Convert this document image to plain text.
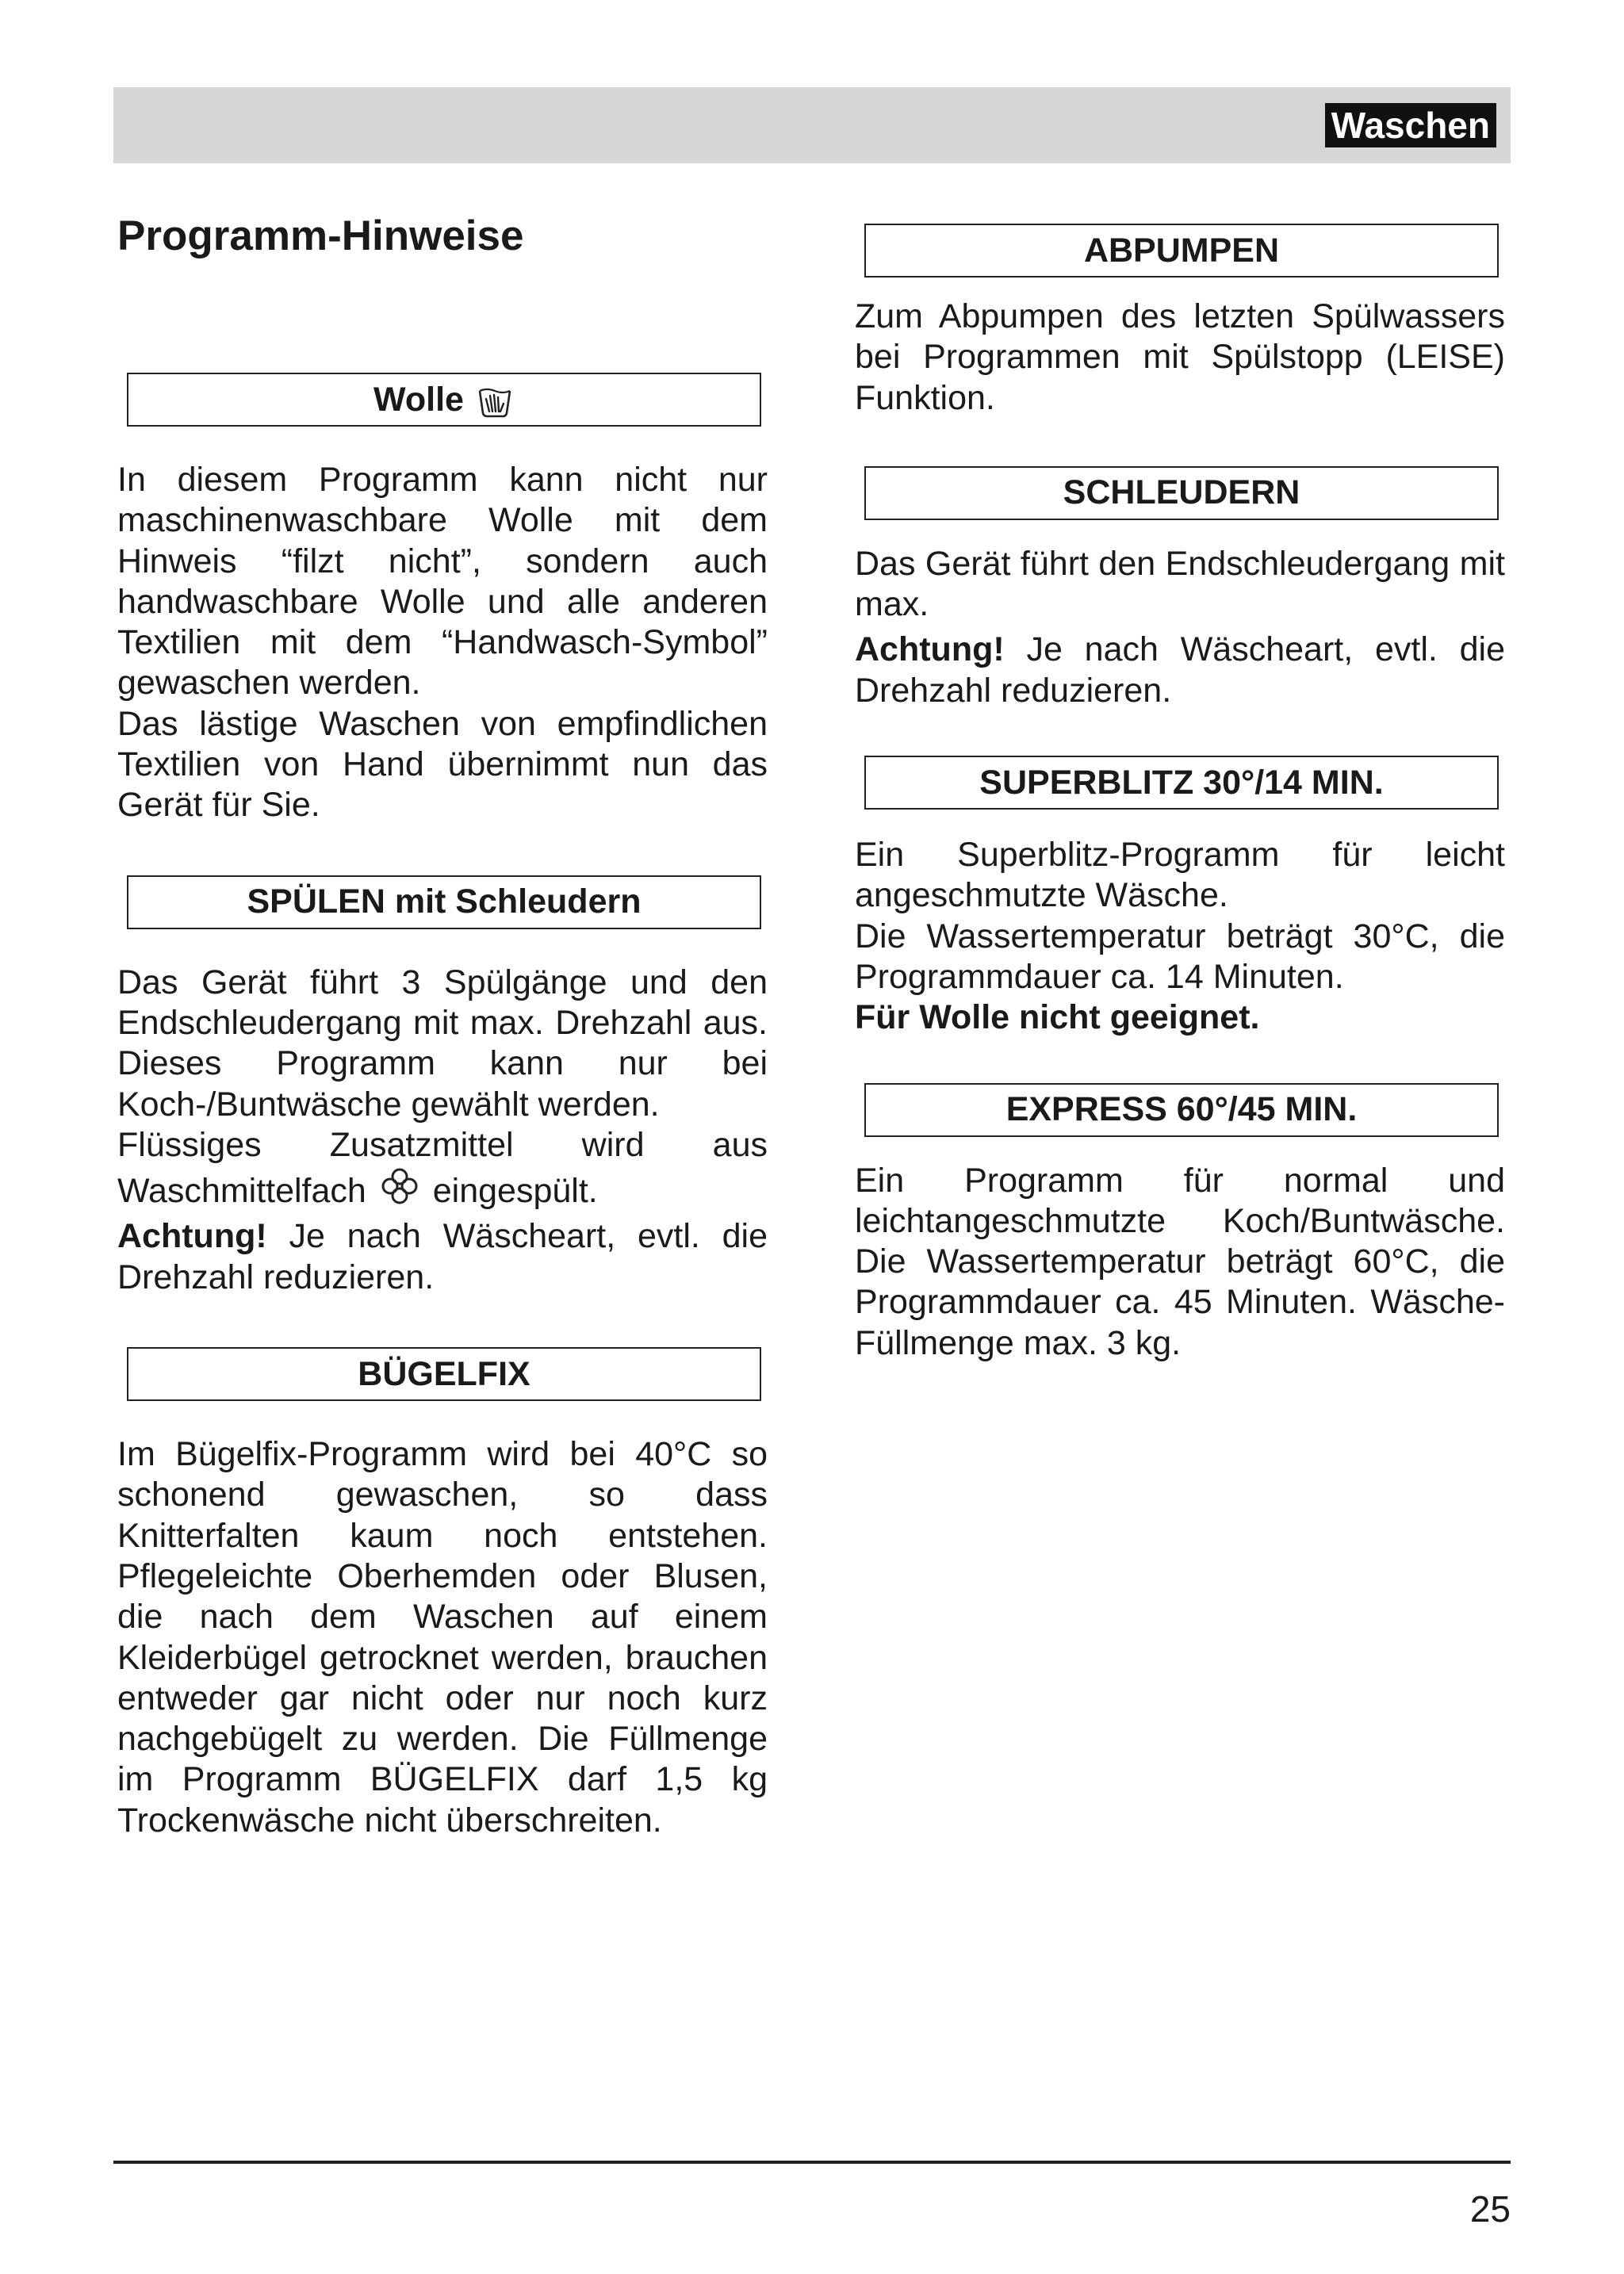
Waschen
Programm-Hinweise
Wolle

In diesem Programm kann nicht nur maschinenwaschbare Wolle mit dem Hinweis “filzt nicht”, sondern auch handwaschbare Wolle und alle anderen Textilien mit dem “Handwasch-Symbol” gewaschen werden.

Das lästige Waschen von empfindlichen Textilien von Hand übernimmt nun das Gerät für Sie.

SPÜLEN mit Schleudern

Das Gerät führt 3 Spülgänge und den Endschleudergang mit max. Drehzahl aus. Dieses Programm kann nur bei Koch-/Buntwäsche gewählt werden.

Flüssiges Zusatzmittel wird aus Waschmittelfach eingespült.

Achtung! Je nach Wäscheart, evtl. die Drehzahl reduzieren.

BÜGELFIX

Im Bügelfix-Programm wird bei 40°C so schonend gewaschen, so dass Knitterfalten kaum noch entstehen. Pflegeleichte Oberhemden oder Blusen, die nach dem Waschen auf einem Kleiderbügel getrocknet werden, brauchen entweder gar nicht oder nur noch kurz nachgebügelt zu werden. Die Füllmenge im Programm BÜGELFIX darf 1,5 kg Trockenwäsche nicht überschreiten.

ABPUMPEN

Zum Abpumpen des letzten Spülwassers bei Programmen mit Spülstopp (LEISE) Funktion.

SCHLEUDERN

Das Gerät führt den Endschleudergang mit max.

Achtung! Je nach Wäscheart, evtl. die Drehzahl reduzieren.

SUPERBLITZ 30°/14 MIN.

Ein Superblitz-Programm für leicht angeschmutzte Wäsche.

Die Wassertemperatur beträgt 30°C, die Programmdauer ca. 14 Minuten.

Für Wolle nicht geeignet.

EXPRESS 60°/45 MIN.

Ein Programm für normal und leichtangeschmutzte Koch/Buntwäsche. Die Wassertemperatur beträgt 60°C, die Programmdauer ca. 45 Minuten. Wäsche-Füllmenge max. 3 kg.

25
